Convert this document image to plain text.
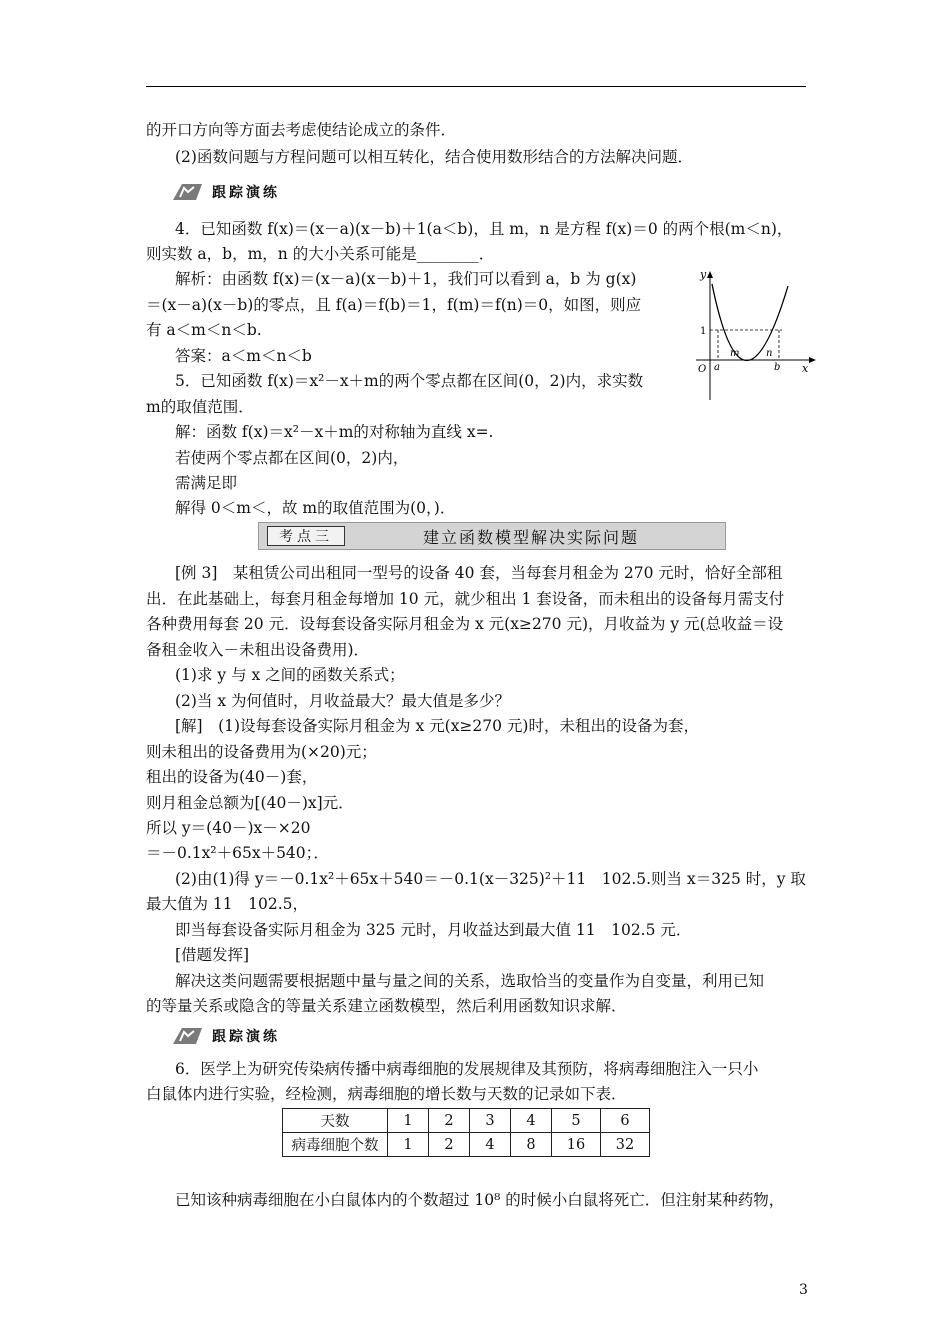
的开口方向等方面去考虑使结论成立的条件．
(2)函数问题与方程问题可以相互转化，结合使用数形结合的方法解决问题．
跟踪演练
4．已知函数 f(x)＝(x－a)(x－b)＋1(a＜b)，且 m，n 是方程 f(x)＝0 的两个根(m＜n)，
则实数 a，b，m，n 的大小关系可能是________．
解析：由函数 f(x)＝(x－a)(x－b)＋1，我们可以看到 a，b 为 g(x)
＝(x－a)(x－b)的零点，且 f(a)＝f(b)＝1，f(m)＝f(n)＝0，如图，则应
有 a＜m＜n＜b.
答案：a＜m＜n＜b
5．已知函数 f(x)＝x²－x＋m的两个零点都在区间(0，2)内，求实数
m的取值范围．
解：函数 f(x)＝x²－x＋m的对称轴为直线 x=.
若使两个零点都在区间(0，2)内，
需满足即
解得 0＜m＜，故 m的取值范围为(0，)．
y
x
O
1
a
m	n
b
考点三	建立函数模型解决实际问题
[例 3]　某租赁公司出租同一型号的设备 40 套，当每套月租金为 270 元时，恰好全部租
出．在此基础上，每套月租金每增加 10 元，就少租出 1 套设备，而未租出的设备每月需支付
各种费用每套 20 元．设每套设备实际月租金为 x 元(x≥270 元)，月收益为 y 元(总收益＝设
备租金收入－未租出设备费用)．
(1)求 y 与 x 之间的函数关系式；
(2)当 x 为何值时，月收益最大？最大值是多少？
[解]　(1)设每套设备实际月租金为 x 元(x≥270 元)时，未租出的设备为套，
则未租出的设备费用为(×20)元；
租出的设备为(40－)套，
则月租金总额为[(40－)x]元．
所以 y＝(40－)x－×20
＝－0.1x²＋65x＋540；．
(2)由(1)得 y＝－0.1x²＋65x＋540＝－0.1(x－325)²＋11　102.5.则当 x＝325 时，y 取
最大值为 11　102.5，
即当每套设备实际月租金为 325 元时，月收益达到最大值 11　102.5 元．
[借题发挥]
解决这类问题需要根据题中量与量之间的关系，选取恰当的变量作为自变量，利用已知
的等量关系或隐含的等量关系建立函数模型，然后利用函数知识求解．
跟踪演练
6．医学上为研究传染病传播中病毒细胞的发展规律及其预防，将病毒细胞注入一只小
白鼠体内进行实验，经检测，病毒细胞的增长数与天数的记录如下表．
天数	1	2	3	4	5	6
病毒细胞个数	1	2	4	8	16	32
已知该种病毒细胞在小白鼠体内的个数超过 10⁸ 的时候小白鼠将死亡．但注射某种药物，
3
